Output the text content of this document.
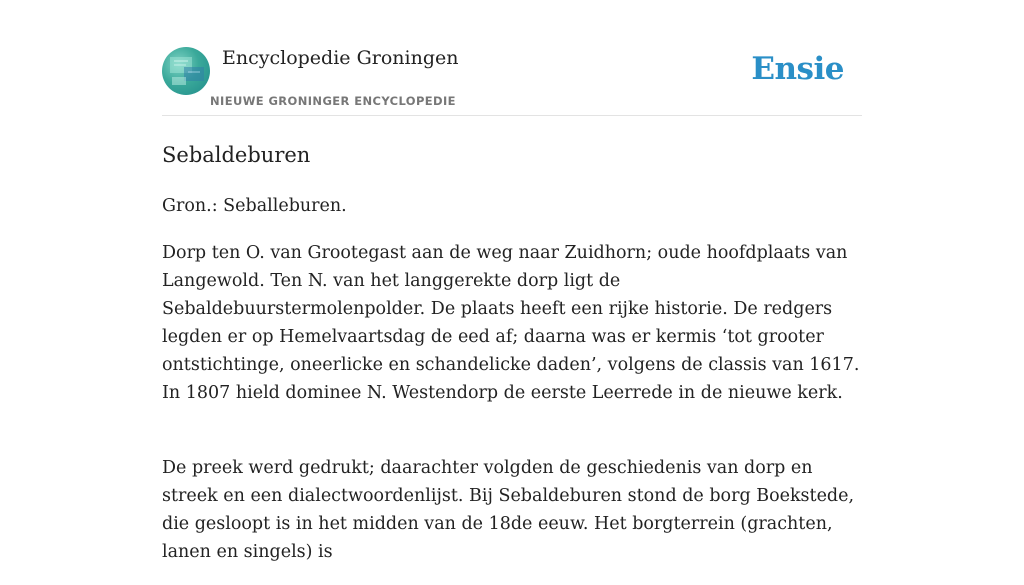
Encyclopedie Groningen
NIEUWE GRONINGER ENCYCLOPEDIE
Ensie
Sebaldeburen

Gron.: Seballeburen.

Dorp ten O. van Grootegast aan de weg naar Zuidhorn; oude hoofdplaats van Langewold. Ten N. van het langgerekte dorp ligt de Sebaldebuurstermolenpolder. De plaats heeft een rijke historie. De redgers legden er op Hemelvaartsdag de eed af; daarna was er kermis ‘tot grooter ontstichtinge, oneerlicke en schandelicke daden’, volgens de classis van 1617. In 1807 hield dominee N. Westendorp de eerste Leerrede in de nieuwe kerk.

De preek werd gedrukt; daarachter volgden de geschiedenis van dorp en streek en een dialectwoordenlijst. Bij Sebaldeburen stond de borg Boekstede, die gesloopt is in het midden van de 18de eeuw. Het borgterrein (grachten, lanen en singels) is
